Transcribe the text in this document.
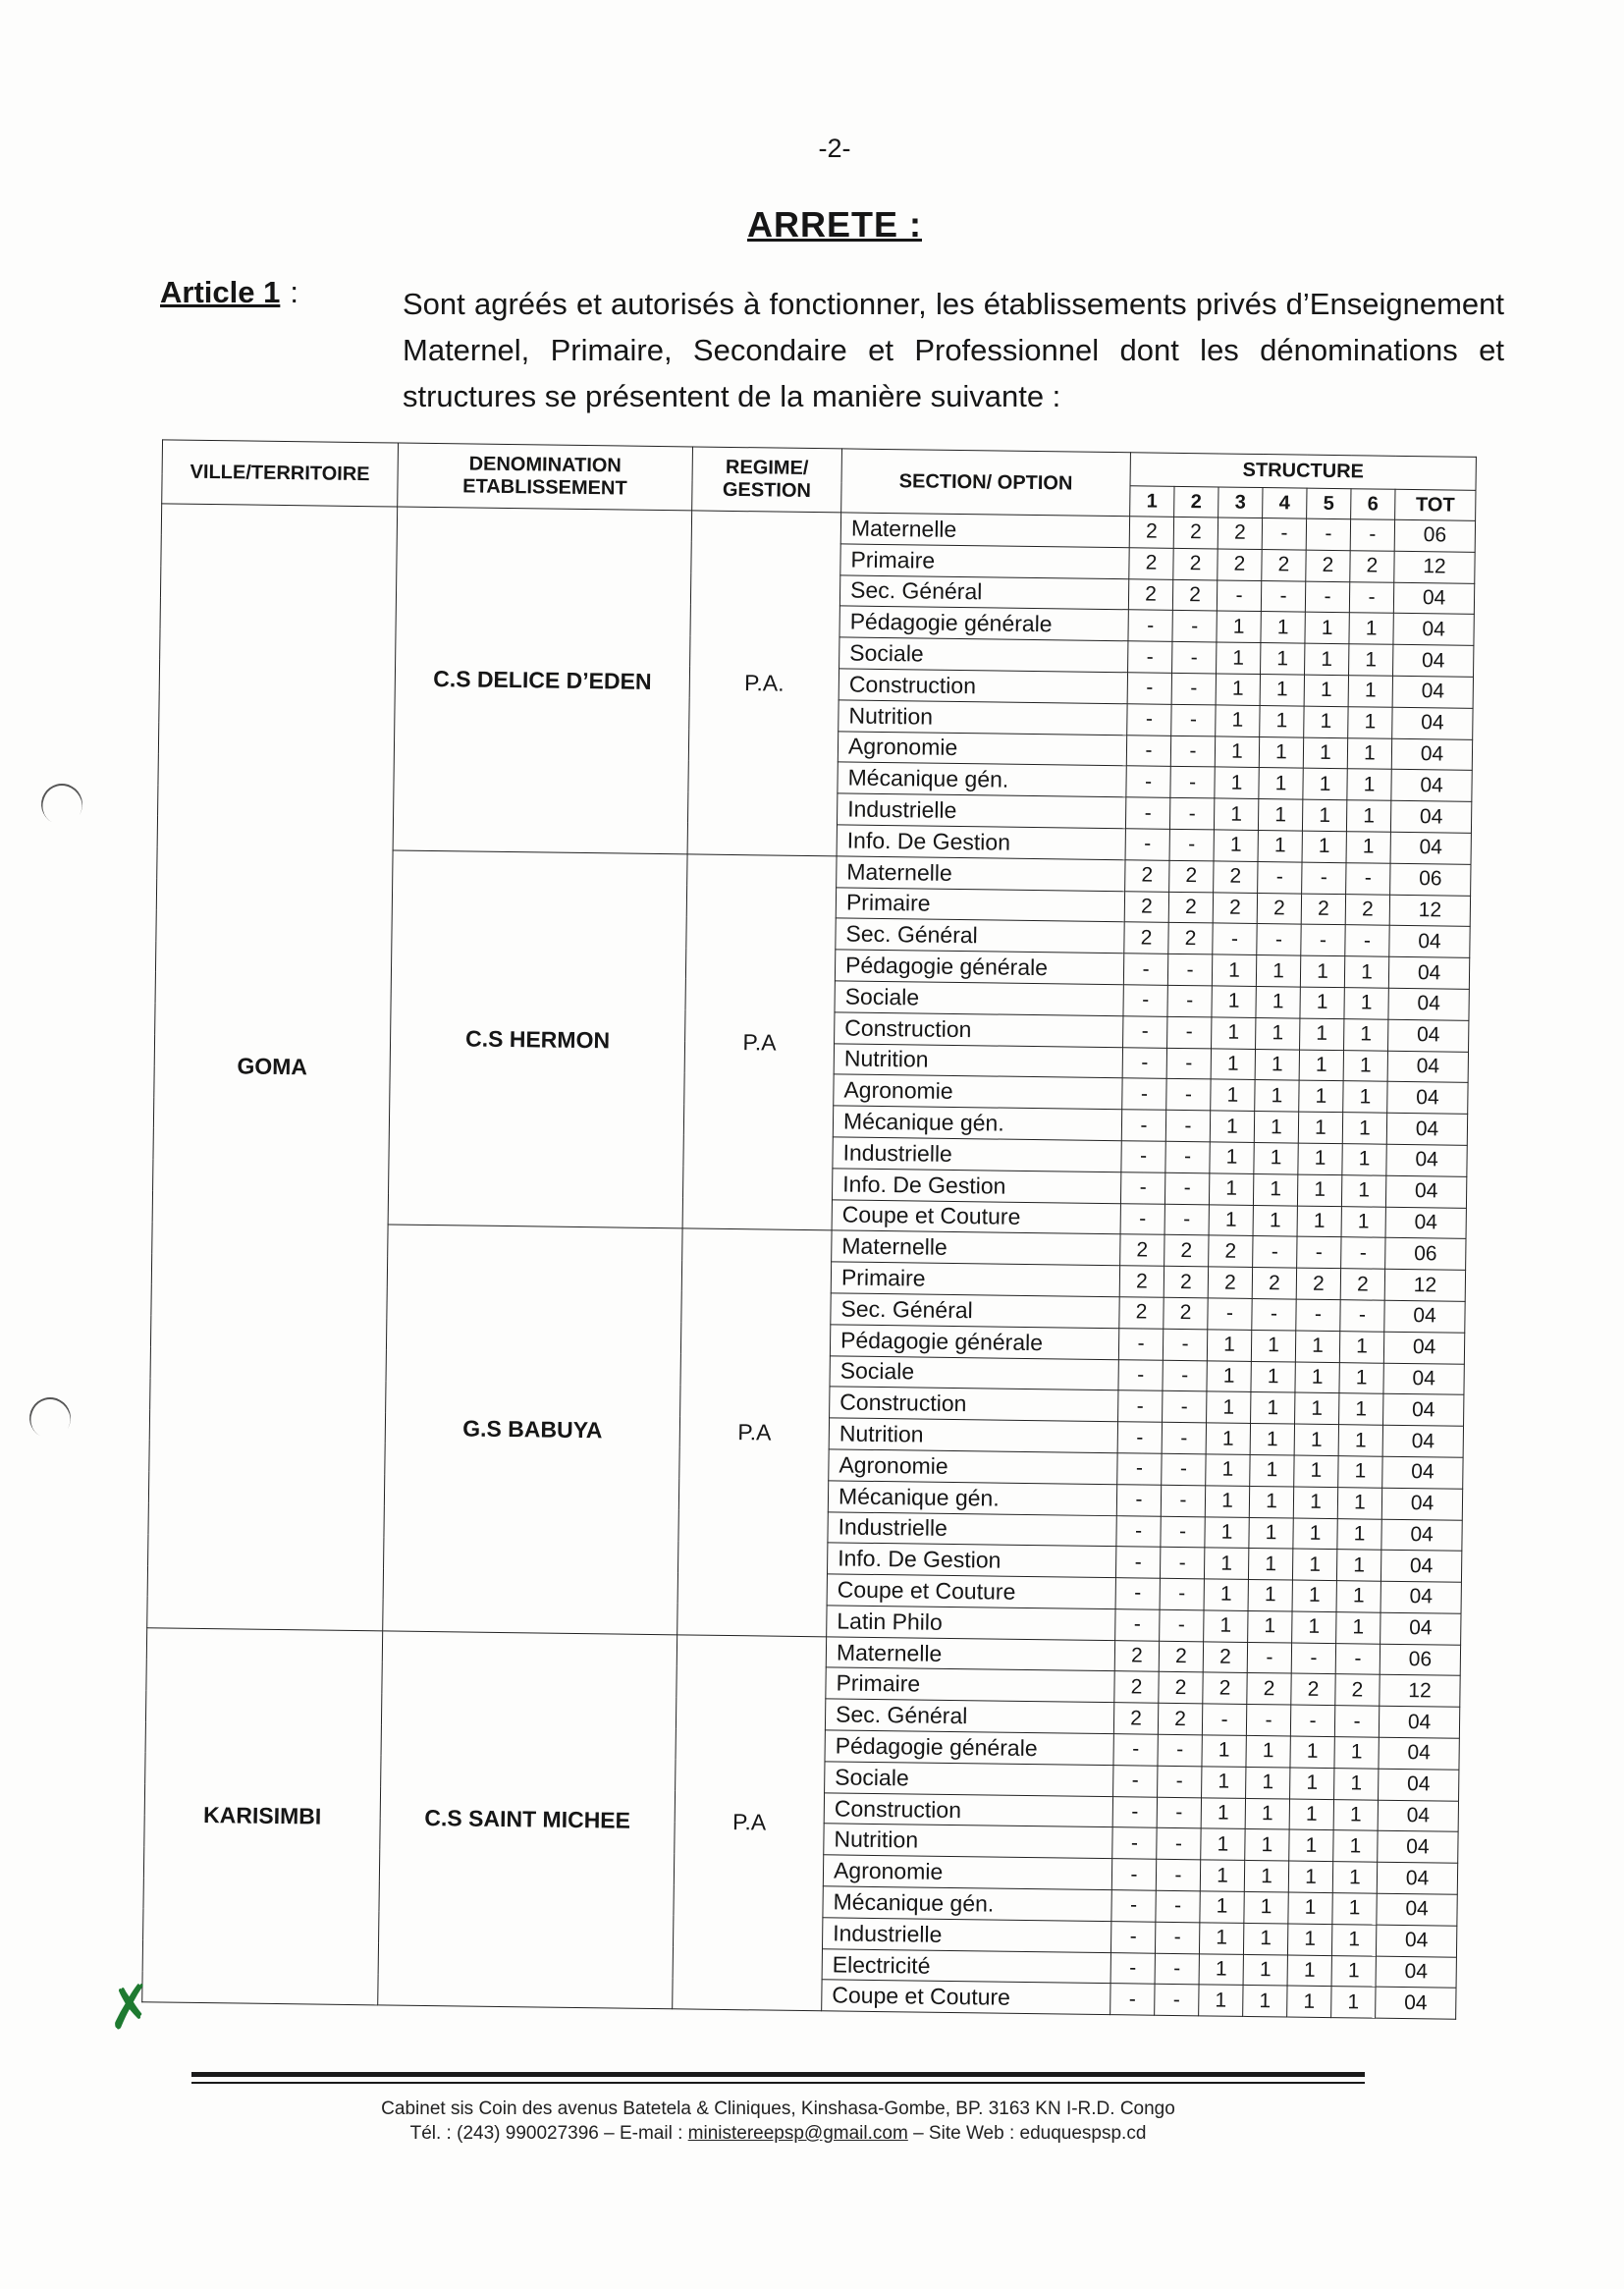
-2-
ARRETE :
Article 1 :	Sont agréés et autorisés à fonctionner, les établissements privés d’Enseignement Maternel, Primaire, Secondaire et Professionnel dont les dénominations et structures se présentent de la manière suivante :
VILLE/TERRITOIRE	DENOMINATION ETABLISSEMENT	REGIME/ GESTION	SECTION/ OPTION	STRUCTURE						
				1	2	3	4	5	6	TOT
GOMA	C.S DELICE D’EDEN	P.A.	Maternelle	2	2	2	-	-	-	06
			Primaire	2	2	2	2	2	2	12
			Sec. Général	2	2	-	-	-	-	04
			Pédagogie générale	-	-	1	1	1	1	04
			Sociale	-	-	1	1	1	1	04
			Construction	-	-	1	1	1	1	04
			Nutrition	-	-	1	1	1	1	04
			Agronomie	-	-	1	1	1	1	04
			Mécanique gén.	-	-	1	1	1	1	04
			Industrielle	-	-	1	1	1	1	04
			Info. De Gestion	-	-	1	1	1	1	04
	C.S HERMON	P.A	Maternelle	2	2	2	-	-	-	06
			Primaire	2	2	2	2	2	2	12
			Sec. Général	2	2	-	-	-	-	04
			Pédagogie générale	-	-	1	1	1	1	04
			Sociale	-	-	1	1	1	1	04
			Construction	-	-	1	1	1	1	04
			Nutrition	-	-	1	1	1	1	04
			Agronomie	-	-	1	1	1	1	04
			Mécanique gén.	-	-	1	1	1	1	04
			Industrielle	-	-	1	1	1	1	04
			Info. De Gestion	-	-	1	1	1	1	04
			Coupe et Couture	-	-	1	1	1	1	04
	G.S BABUYA	P.A	Maternelle	2	2	2	-	-	-	06
			Primaire	2	2	2	2	2	2	12
			Sec. Général	2	2	-	-	-	-	04
			Pédagogie générale	-	-	1	1	1	1	04
			Sociale	-	-	1	1	1	1	04
			Construction	-	-	1	1	1	1	04
			Nutrition	-	-	1	1	1	1	04
			Agronomie	-	-	1	1	1	1	04
			Mécanique gén.	-	-	1	1	1	1	04
			Industrielle	-	-	1	1	1	1	04
			Info. De Gestion	-	-	1	1	1	1	04
			Coupe et Couture	-	-	1	1	1	1	04
			Latin Philo	-	-	1	1	1	1	04
KARISIMBI	C.S SAINT MICHEE	P.A	Maternelle	2	2	2	-	-	-	06
			Primaire	2	2	2	2	2	2	12
			Sec. Général	2	2	-	-	-	-	04
			Pédagogie générale	-	-	1	1	1	1	04
			Sociale	-	-	1	1	1	1	04
			Construction	-	-	1	1	1	1	04
			Nutrition	-	-	1	1	1	1	04
			Agronomie	-	-	1	1	1	1	04
			Mécanique gén.	-	-	1	1	1	1	04
			Industrielle	-	-	1	1	1	1	04
			Electricité	-	-	1	1	1	1	04
			Coupe et Couture	-	-	1	1	1	1	04
✗
Cabinet sis Coin des avenus Batetela & Cliniques, Kinshasa-Gombe, BP. 3163 KN I-R.D. Congo
Tél. : (243) 990027396 – E-mail : ministereepsp@gmail.com – Site Web : eduquespsp.cd
